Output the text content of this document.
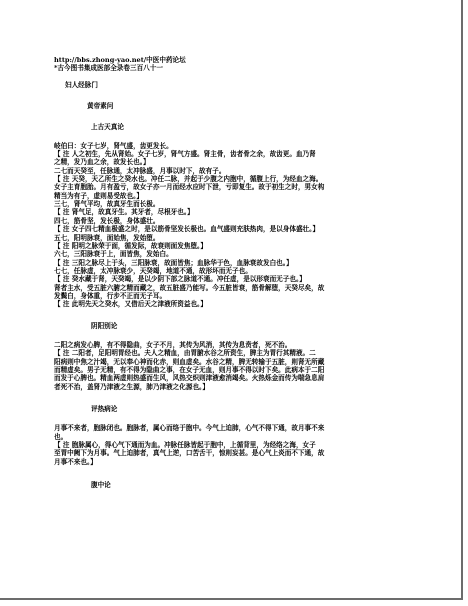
http://bbs.zhong-yao.net/中医中药论坛
*古今图书集成医部全录卷三百八十一
妇人经脉门
黄帝素问
上古天真论
岐伯曰：女子七岁，肾气盛，齿更发长。
【 注 人之初生，先从肾始。女子七岁，肾气方盛。肾主骨，齿者骨之余，故齿更。血乃肾
之精，发乃血之余，故发长也。】
二七而天癸至，任脉通，太冲脉盛，月事以时下，故有子。
【 注 天癸，天乙所生之癸水也。冲任二脉，并起于少腹之内胞中，循腹上行，为经血之海。
女子主育胞胎。月有盈亏，故女子亦一月而经水应时下泄，亏即复生。故于初生之时，男女构
精当为有子，虚则易受故也。】
三七，肾气平均，故真牙生而长极。
【 注 肾气足，故真牙生。其牙者，尽根牙也。】
四七，筋骨坚，发长极，身体盛壮。
【 注 女子四七精血极盛之时，是以筋骨坚发长极也。血气盛则充肤热肉，是以身体盛壮。】
五七，阳明脉衰，面始焦，发始堕。
【 注 阳明之脉荣于面，循发际，故衰则面发焦堕。】
六七，三阳脉衰于上，面皆焦，发始白。
【 注 三阳之脉尽上于头，三阳脉衰，故面皆焦；血脉华于色，血脉衰故发白也。】
七七，任脉虚，太冲脉衰少，天癸竭，地道不通，故形坏而无子也。
【 注 癸水藏于肾，天癸竭，是以少阴下部之脉道不通。冲任虚，是以形衰而无子也。】
肾者主水，受五脏六腑之精而藏之，故五脏盛乃能写。今五脏皆衰，筋骨解堕，天癸尽矣，故
发鬓白，身体重，行步不正而无子耳。
【 注 此明先天之癸水，又借后天之津液所资益也。】
阴阳别论
二阳之病发心脾，有不得隐曲，女子不月，其传为风消，其传为息贲者，死不治。
【 注 二阳者，足阳明胃经也。夫人之精血，由胃腑水谷之所资生，脾主为胃行其精液。二
阳病则中焦之汁竭，无以奉心神而化赤，则血虚矣。水谷之精，脾无转输于五脏，则肾无所藏
而精虚矣。男子无精，有不得为隐曲之事，在女子无血，则月事不得以时下矣。此病本于二阳
而发于心脾也。精血两虚则热盛而生风，风热交炽则津液愈消竭矣。火热烁金而传为喘急息肩
者死不治，盖肾乃津液之生源，肺乃津液之化源也。】
评热病论
月事不来者，胞脉闭也。胞脉者，属心而络于胞中。今气上迫肺，心气不得下通，故月事不来
也。
【 注 胞脉属心，得心气下通而为血。冲脉任脉皆起于胞中，上循背里，为经络之海，女子
至胃中阙下为月事。气上迫肺者，真气上逆，口苦舌干，惊则妄甚。是心气上炎而不下通，故
月事不来也。】
腹中论
